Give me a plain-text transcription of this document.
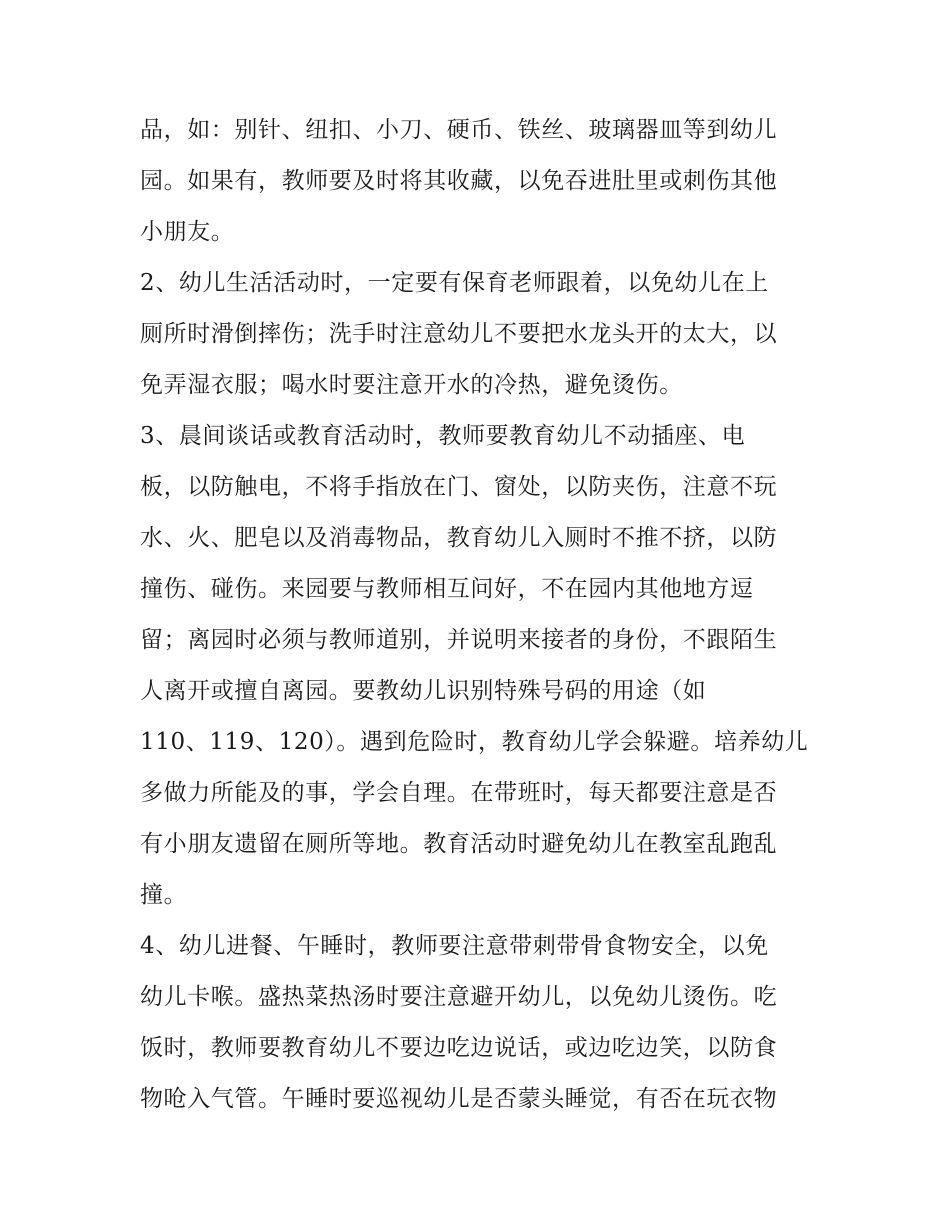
品，如：别针、纽扣、小刀、硬币、铁丝、玻璃器皿等到幼儿
园。如果有，教师要及时将其收藏，以免吞进肚里或刺伤其他
小朋友。
2、幼儿生活活动时，一定要有保育老师跟着，以免幼儿在上
厕所时滑倒摔伤；洗手时注意幼儿不要把水龙头开的太大，以
免弄湿衣服；喝水时要注意开水的冷热，避免烫伤。
3、晨间谈话或教育活动时，教师要教育幼儿不动插座、电
板，以防触电，不将手指放在门、窗处，以防夹伤，注意不玩
水、火、肥皂以及消毒物品，教育幼儿入厕时不推不挤，以防
撞伤、碰伤。来园要与教师相互问好，不在园内其他地方逗
留；离园时必须与教师道别，并说明来接者的身份，不跟陌生
人离开或擅自离园。要教幼儿识别特殊号码的用途（如
110、119、120）。遇到危险时，教育幼儿学会躲避。培养幼儿
多做力所能及的事，学会自理。在带班时，每天都要注意是否
有小朋友遗留在厕所等地。教育活动时避免幼儿在教室乱跑乱
撞。
4、幼儿进餐、午睡时，教师要注意带刺带骨食物安全，以免
幼儿卡喉。盛热菜热汤时要注意避开幼儿，以免幼儿烫伤。吃
饭时，教师要教育幼儿不要边吃边说话，或边吃边笑，以防食
物呛入气管。午睡时要巡视幼儿是否蒙头睡觉，有否在玩衣物
